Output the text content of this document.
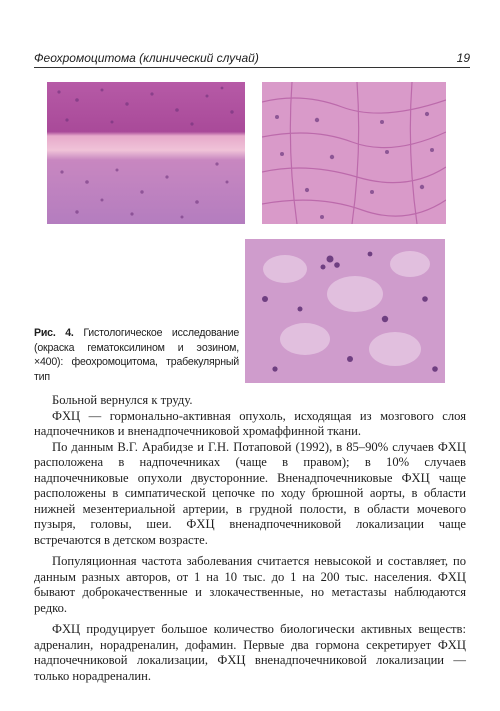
Феохромоцитома (клинический случай)	19
Рис. 4. Гистологическое исследование (окраска гематоксилином и эозином, ×400): феохромоцитома, трабекулярный тип

Больной вернулся к труду.

ФХЦ — гормонально-активная опухоль, исходящая из мозгового слоя надпочечников и вненадпочечниковой хромаффинной ткани.

По данным В.Г. Арабидзе и Г.Н. Потаповой (1992), в 85–90% случаев ФХЦ расположена в надпочечниках (чаще в правом); в 10% случаев надпочечниковые опухоли двусторонние. Вненадпочечниковые ФХЦ чаще расположены в симпатической цепочке по ходу брюшной аорты, в области нижней мезентериальной артерии, в грудной полости, в области мочевого пузыря, головы, шеи. ФХЦ вненадпочечниковой локализации чаще встречаются в детском возрасте.

Популяционная частота заболевания считается невысокой и составляет, по данным разных авторов, от 1 на 10 тыс. до 1 на 200 тыс. населения. ФХЦ бывают доброкачественные и злокачественные, но метастазы наблюдаются редко.

ФХЦ продуцирует большое количество биологически активных веществ: адреналин, норадреналин, дофамин. Первые два гормона секретирует ФХЦ надпочечниковой локализации, ФХЦ вненадпочечниковой локализации — только норадреналин.
